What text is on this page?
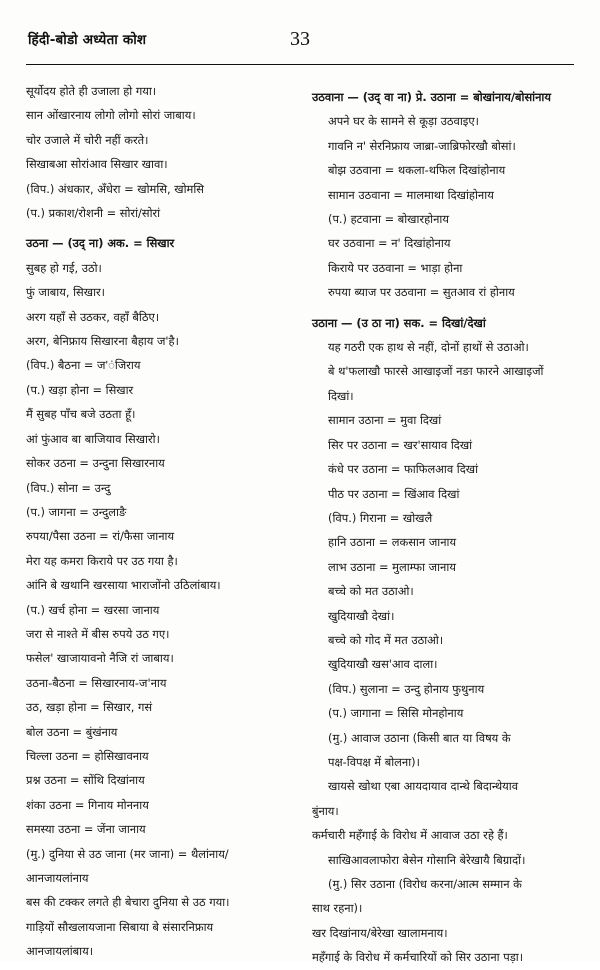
हिंदी-बोडो अध्येता कोश	33
सूर्योदय होते ही उजाला हो गया।
सान ओंखारनाय लोगो लोगो सोरां जाबाय।
चोर उजाले में चोरी नहीं करते।
सिखाबआ सोरांआव सिखार खावा।
(विप.) अंधकार, अँधेरा = खोमसि, खोमसि
(प.) प्रकाश/रोशनी = सोरां/सोरां
उठना — (उद् ना) अक. = सिखार
सुबह हो गई, उठो।
फुं जाबाय, सिखार।
अरग यहाँ से उठकर, वहाँ बैठिए।
अरग, बेनिफ्राय सिखारना बैहाय ज'है।
(विप.) बैठना = ज'ंजिराय
(प.) खड़ा होना = सिखार
मैं सुबह पाँच बजे उठता हूँ।
आं फुंआव बा बाजियाव सिखारो।
सोकर उठना = उन्दुना सिखारनाय
(विप.) सोना = उन्दु
(प.) जागना = उन्दुलाङै
रुपया/पैसा उठना = रां/फैसा जानाय
मेरा यह कमरा किराये पर उठ गया है।
आंनि बे खथानि खरसाया भाराजोंनो उठिलांबाय।
(प.) खर्च होना = खरसा जानाय
जरा से नाश्ते में बीस रुपये उठ गए।
फसेल' खाजायावनो नैजि रां जाबाय।
उठना-बैठना = सिखारनाय-ज'नाय
उठ, खड़ा होना = सिखार, गसं
बोल उठना = बुंखंनाय
चिल्ला उठना = होसिखावनाय
प्रश्न उठना = सोंथि दिखांनाय
शंका उठना = गिनाय मोननाय
समस्या उठना = जेंना जानाय
(मु.) दुनिया से उठ जाना (मर जाना) = थैलांनाय/
आनजायलांनाय
बस की टक्कर लगते ही बेचारा दुनिया से उठ गया।
गाड़ियों सौखलायजाना सिबाया बे संसारनिफ्राय
आनजायलांबाय।
उठवाना — (उद् वा ना) प्रे. उठाना = बोखांनाय/बोसांनाय
अपने घर के सामने से कूड़ा उठवाइए।
गावनि न' सेरनिफ्राय जाब्रा-जाब्रिफोरखौ बोसां।
बोझ उठवाना = थकला-थफिल दिखांहोनाय
सामान उठवाना = मालमाथा दिखांहोनाय
(प.) हटवाना = बोखारहोनाय
घर उठवाना = न' दिखांहोनाय
किराये पर उठवाना = भाड़ा होना
रुपया ब्याज पर उठवाना = सुतआव रां होनाय
उठाना — (उ ठा ना) सक. = दिखां/देखां
यह गठरी एक हाथ से नहीं, दोनों हाथों से उठाओ।
बे थ'फलाखौ फारसे आखाइजों नङा फारने आखाइजों
दिखां।
सामान उठाना = मुवा दिखां
सिर पर उठाना = खर'सायाव दिखां
कंधे पर उठाना = फाफिलआव दिखां
पीठ पर उठाना = खिंआव दिखां
(विप.) गिराना = खोखलै
हानि उठाना = लकसान जानाय
लाभ उठाना = मुलाम्फा जानाय
बच्चे को मत उठाओ।
खुदियाखौ देखां।
बच्चे को गोद में मत उठाओ।
खुदियाखौ खस'आव दाला।
(विप.) सुलाना = उन्दु होनाय फुथुनाय
(प.) जागाना = सिसि मोनहोनाय
(मु.) आवाज उठाना (किसी बात या विषय के
पक्ष-विपक्ष में बोलना)।
खायसे खोथा एबा आयदायाव दान्थे बिदान्थेयाव
बुंनाय।
कर्मचारी महँगाई के विरोध में आवाज उठा रहे हैं।
साखिआवलाफोरा बेसेन गोसानि बेरेखायै बिग्रादों।
(मु.) सिर उठाना (विरोध करना/आत्म सम्मान के
साथ रहना)।
खर दिखांनाय/बेरेखा खालामनाय।
महँगाई के विरोध में कर्मचारियों को सिर उठाना पड़ा।
